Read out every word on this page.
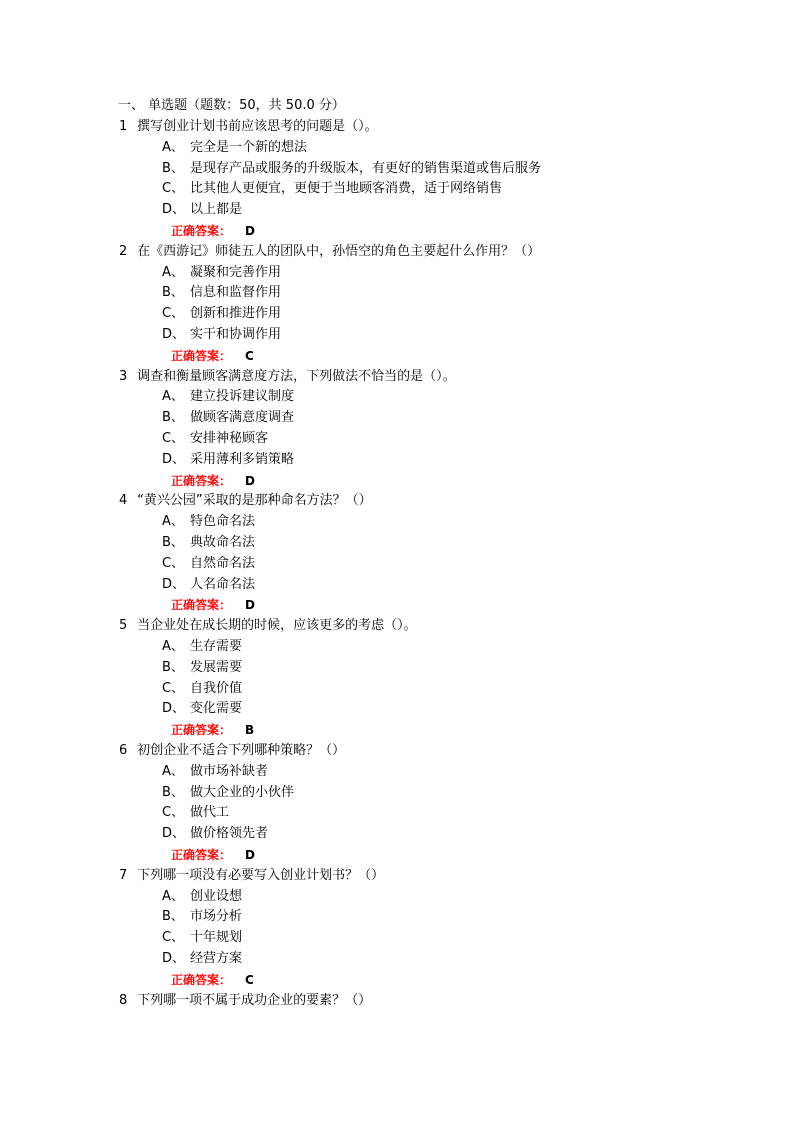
一、 单选题（题数：50，共 50.0 分）
1 撰写创业计划书前应该思考的问题是（）。
A、 完全是一个新的想法
B、 是现存产品或服务的升级版本，有更好的销售渠道或售后服务
C、 比其他人更便宜，更便于当地顾客消费，适于网络销售
D、 以上都是
正确答案： D
2 在《西游记》师徒五人的团队中，孙悟空的角色主要起什么作用？（）
A、 凝聚和完善作用
B、 信息和监督作用
C、 创新和推进作用
D、 实干和协调作用
正确答案： C
3 调查和衡量顾客满意度方法，下列做法不恰当的是（）。
A、 建立投诉建议制度
B、 做顾客满意度调查
C、 安排神秘顾客
D、 采用薄利多销策略
正确答案： D
4 “黄兴公园”采取的是那种命名方法？（）
A、 特色命名法
B、 典故命名法
C、 自然命名法
D、 人名命名法
正确答案： D
5 当企业处在成长期的时候，应该更多的考虑（）。
A、 生存需要
B、 发展需要
C、 自我价值
D、 变化需要
正确答案： B
6 初创企业不适合下列哪种策略？（）
A、 做市场补缺者
B、 做大企业的小伙伴
C、 做代工
D、 做价格领先者
正确答案： D
7 下列哪一项没有必要写入创业计划书？（）
A、 创业设想
B、 市场分析
C、 十年规划
D、 经营方案
正确答案： C
8 下列哪一项不属于成功企业的要素？（）
